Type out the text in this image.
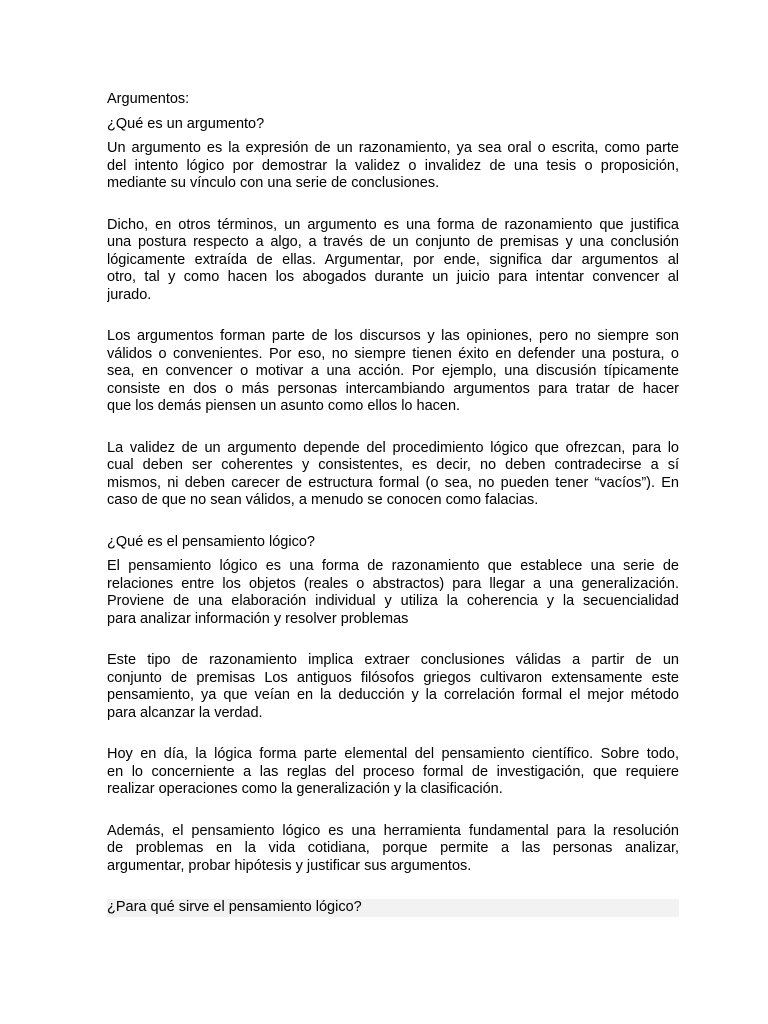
Argumentos:
¿Qué es un argumento?
Un argumento es la expresión de un razonamiento, ya sea oral o escrita, como parte
del intento lógico por demostrar la validez o invalidez de una tesis o proposición,
mediante su vínculo con una serie de conclusiones.
Dicho, en otros términos, un argumento es una forma de razonamiento que justifica
una postura respecto a algo, a través de un conjunto de premisas y una conclusión
lógicamente extraída de ellas. Argumentar, por ende, significa dar argumentos al
otro, tal y como hacen los abogados durante un juicio para intentar convencer al
jurado.
Los argumentos forman parte de los discursos y las opiniones, pero no siempre son
válidos o convenientes. Por eso, no siempre tienen éxito en defender una postura, o
sea, en convencer o motivar a una acción. Por ejemplo, una discusión típicamente
consiste en dos o más personas intercambiando argumentos para tratar de hacer
que los demás piensen un asunto como ellos lo hacen.
La validez de un argumento depende del procedimiento lógico que ofrezcan, para lo
cual deben ser coherentes y consistentes, es decir, no deben contradecirse a sí
mismos, ni deben carecer de estructura formal (o sea, no pueden tener “vacíos”). En
caso de que no sean válidos, a menudo se conocen como falacias.
¿Qué es el pensamiento lógico?
El pensamiento lógico es una forma de razonamiento que establece una serie de
relaciones entre los objetos (reales o abstractos) para llegar a una generalización.
Proviene de una elaboración individual y utiliza la coherencia y la secuencialidad
para analizar información y resolver problemas
Este tipo de razonamiento implica extraer conclusiones válidas a partir de un
conjunto de premisas Los antiguos filósofos griegos cultivaron extensamente este
pensamiento, ya que veían en la deducción y la correlación formal el mejor método
para alcanzar la verdad.
Hoy en día, la lógica forma parte elemental del pensamiento científico. Sobre todo,
en lo concerniente a las reglas del proceso formal de investigación, que requiere
realizar operaciones como la generalización y la clasificación.
Además, el pensamiento lógico es una herramienta fundamental para la resolución
de problemas en la vida cotidiana, porque permite a las personas analizar,
argumentar, probar hipótesis y justificar sus argumentos.
¿Para qué sirve el pensamiento lógico?
